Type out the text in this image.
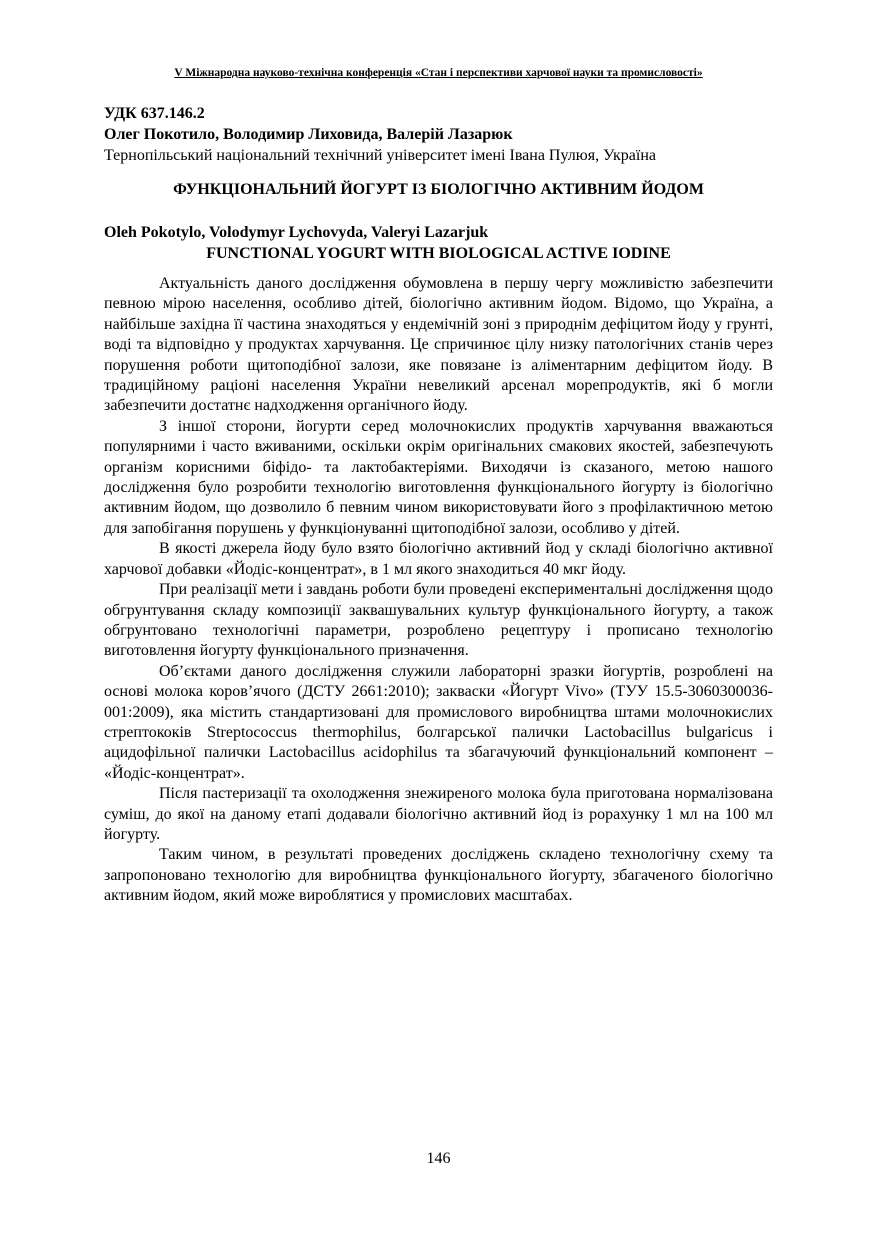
V Міжнародна науково-технічна конференція «Стан і перспективи харчової науки та промисловості»
УДК 637.146.2
Олег Покотило, Володимир Лиховида, Валерій Лазарюк
Тернопільський національний технічний університет імені Івана Пулюя, Україна
ФУНКЦІОНАЛЬНИЙ ЙОГУРТ ІЗ БІОЛОГІЧНО АКТИВНИМ ЙОДОМ
Oleh Pokotylo, Volodymyr Lychovyda, Valeryi Lazarjuk
FUNCTIONAL YOGURT WITH BIOLOGICAL ACTIVE IODINE

Актуальність даного дослідження обумовлена в першу чергу можливістю забезпечити певною мірою населення, особливо дітей, біологічно активним йодом. Відомо, що Україна, а найбільше західна її частина знаходяться у ендемічній зоні з природнім дефіцитом йоду у грунті, воді та відповідно у продуктах харчування. Це спричинює цілу низку патологічних станів через порушення роботи щитоподібної залози, яке повязане із аліментарним дефіцитом йоду. В традиційному раціоні населення України невеликий арсенал морепродуктів, які б могли забезпечити достатнє надходження органічного йоду.

З іншої сторони, йогурти серед молочнокислих продуктів харчування вважаються популярними і часто вживаними, оскільки окрім оригінальних смакових якостей, забезпечують організм корисними біфідо- та лактобактеріями. Виходячи із сказаного, метою нашого дослідження було розробити технологію виготовлення функціонального йогурту із біологічно активним йодом, що дозволило б певним чином використовувати його з профілактичною метою для запобігання порушень у функціонуванні щитоподібної залози, особливо у дітей.

В якості джерела йоду було взято біологічно активний йод у складі біологічно активної харчової добавки «Йодіс-концентрат», в 1 мл якого знаходиться 40 мкг йоду.

При реалізації мети і завдань роботи були проведені експериментальні дослідження щодо обгрунтування складу композиції заквашувальних культур функціонального йогурту, а також обгрунтовано технологічні параметри, розроблено рецептуру і прописано технологію виготовлення йогурту функціонального призначення.

Об’єктами даного дослідження служили лабораторні зразки йогуртів, розроблені на основі молока коров’ячого (ДСТУ 2661:2010); закваски «Йогурт Vivo» (ТУУ 15.5-3060300036-001:2009), яка містить стандартизовані для промислового виробництва штами молочнокислих стрептококів Streptococcus thermophilus, болгарської палички Lactobacillus bulgaricus і ацидофільної палички Lactobacillus acidophilus та збагачуючий функціональний компонент – «Йодіс-концентрат».

Після пастеризації та охолодження знежиреного молока була приготована нормалізована суміш, до якої на даному етапі додавали біологічно активний йод із рорахунку 1 мл на 100 мл йогурту.

Таким чином, в результаті проведених досліджень складено технологічну схему та запропоновано технологію для виробництва функціонального йогурту, збагаченого біологічно активним йодом, який може вироблятися у промислових масштабах.

146
